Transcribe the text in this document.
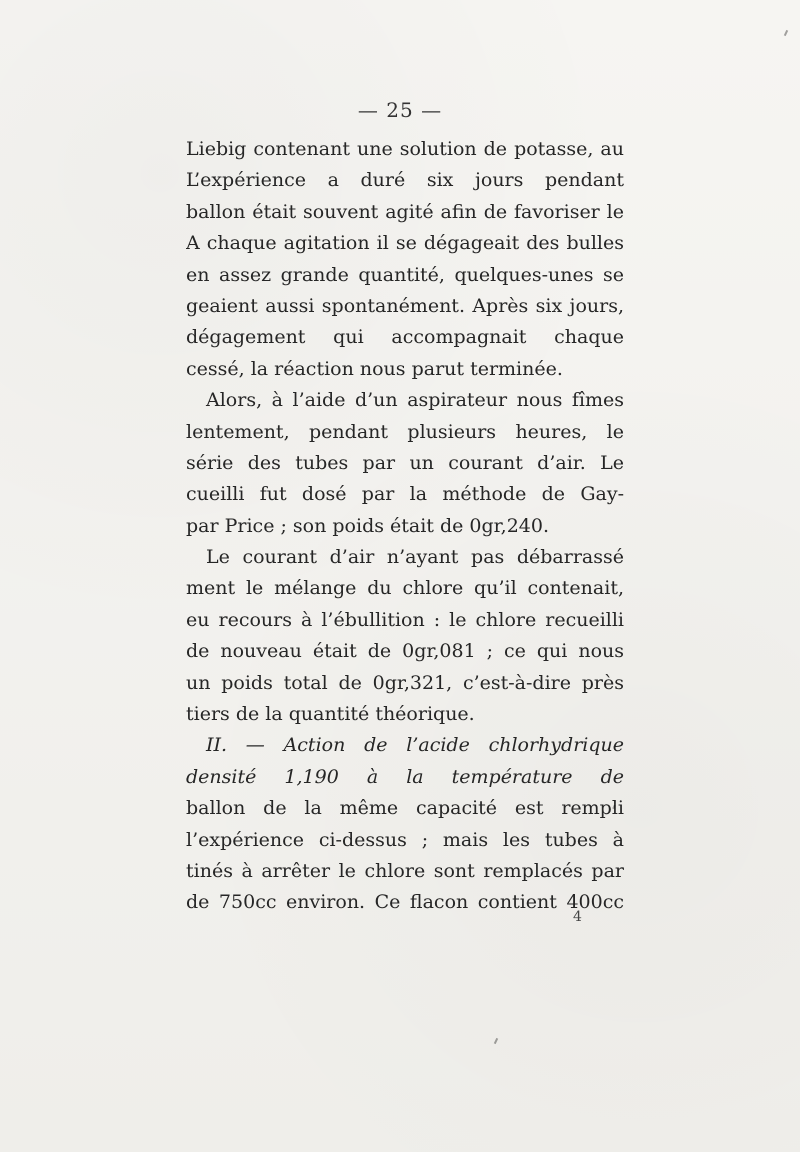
— 25 —
Liebig contenant une solution de potasse, au
L’expérience a duré six jours pendant
ballon était souvent agité afin de favoriser le
A chaque agitation il se dégageait des bulles
en assez grande quantité, quelques-unes se
geaient aussi spontanément. Après six jours,
dégagement qui accompagnait chaque
cessé, la réaction nous parut terminée.
Alors, à l’aide d’un aspirateur nous fîmes
lentement, pendant plusieurs heures, le
série des tubes par un courant d’air. Le
cueilli fut dosé par la méthode de Gay-
par Price ; son poids était de 0gr,240.
Le courant d’air n’ayant pas débarrassé
ment le mélange du chlore qu’il contenait,
eu recours à l’ébullition : le chlore recueilli
de nouveau était de 0gr,081 ; ce qui nous
un poids total de 0gr,321, c’est-à-dire près
tiers de la quantité théorique.
II. — Action de l’acide chlorhydrique
densité 1,190 à la température de
ballon de la même capacité est rempli
l’expérience ci-dessus ; mais les tubes à
tinés à arrêter le chlore sont remplacés par
de 750cc environ. Ce flacon contient 400cc
4
